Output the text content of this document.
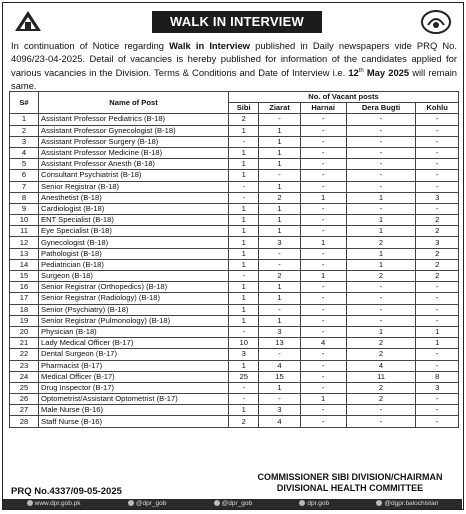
WALK IN INTERVIEW
In continuation of Notice regarding Walk in Interview published in Daily newspapers vide PRQ No. 4096/23-04-2025. Detail of vacancies is hereby published for information of the candidates applied for various vacancies in the Division. Terms & Conditions and Date of Interview i.e. 12th May 2025 will remain same.
S#	Name of Post	No. of Vacant posts				
		Sibi	Ziarat	Harnai	Dera Bugti	Kohlu
1	Assistant Professor Pediatrics (B-18)	2	-	-	-	-
2	Assistant Professor Gynecologist (B-18)	1	1	-	-	-
3	Assistant Professor Surgery (B-18)	-	1	-	-	-
4	Assistant Professor Medicine (B-18)	1	1	-	-	-
5	Assistant Professor Anesth (B-18)	1	1	-	-	-
6	Consultant Psychiatrist (B-18)	1	-	-	-	-
7	Senior Registrar (B-18)	-	1	-	-	-
8	Anesthetist (B-18)	-	2	1	1	3
9	Cardiologist (B-18)	1	1	-	-	-
10	ENT Specialist (B-18)	1	1	-	1	2
11	Eye Specialist (B-18)	1	1	-	1	2
12	Gynecologist (B-18)	1	3	1	2	3
13	Pathologist (B-18)	1	-	-	1	2
14	Pediatrician (B-18)	1	-	-	1	2
15	Surgeon (B-18)	-	2	1	2	2
16	Senior Registrar (Orthopedics) (B-18)	1	1	-	-	-
17	Senior Registrar (Radiology) (B-18)	1	1	-	-	-
18	Senior (Psychiatry) (B-18)	1	-	-	-	-
19	Senior Registrar (Pulmonology) (B-18)	1	1	-	-	-
20	Physician (B-18)	-	3	-	1	1
21	Lady Medical Officer (B-17)	10	13	4	2	1
22	Dental Surgeon (B-17)	3	-	-	2	-
23	Pharmacist (B-17)	1	4	-	4	-
24	Medical Officer (B-17)	25	15	-	11	8
25	Drug Inspector (B-17)	-	1	-	2	3
26	Optometrist/Assistant Optometrist (B-17)	-	-	1	2	-
27	Male Nurse (B-16)	1	3	-	-	-
28	Staff Nurse (B-16)	2	4	-	-	-
COMMISSIONER SIBI DIVISION/CHAIRMAN
DIVISIONAL HEALTH COMMITTEE
PRQ No.4337/09-05-2025
www.dpr.gob.pk	@dpr_gob	@dpr_gob	dpr.gob	@dgpr.balochistan
